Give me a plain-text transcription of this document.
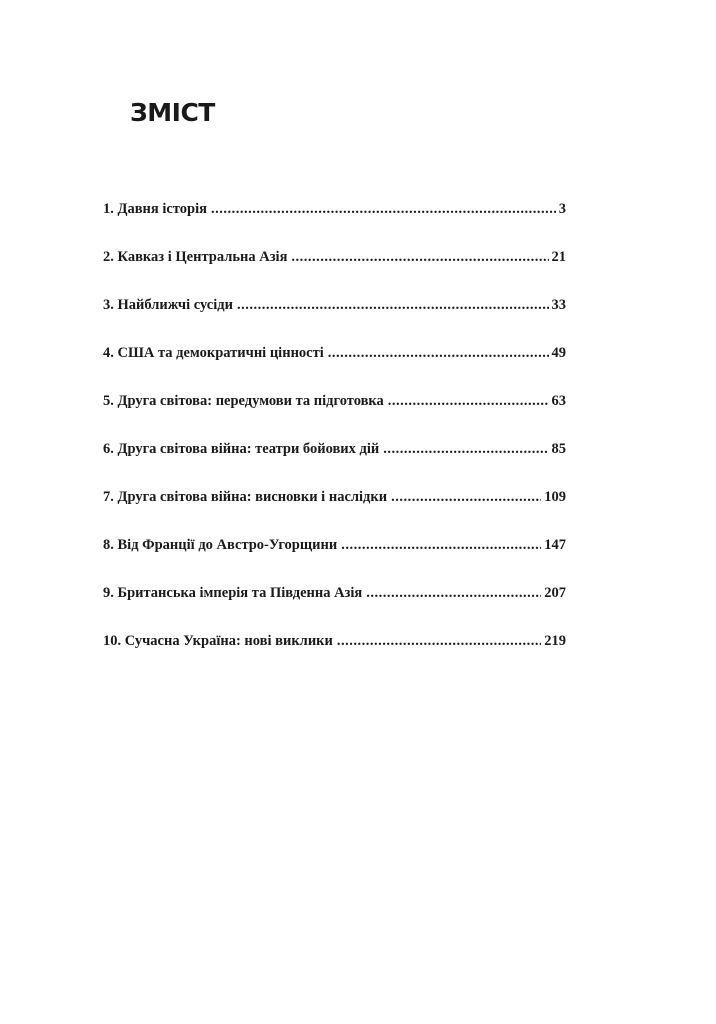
ЗМІСТ
1. Давня історія .....	3
2. Кавказ і Центральна Азія .....	21
3. Найближчі сусіди .....	33
4. США та демократичні цінності .....	49
5. Друга світова: передумови та підготовка .....	63
6. Друга світова війна: театри бойових дій .....	85
7. Друга світова війна: висновки і наслідки .....	109
8. Від Франції до Австро-Угорщини .....	147
9. Британська імперія та Південна Азія .....	207
10. Сучасна Україна: нові виклики .....	219
